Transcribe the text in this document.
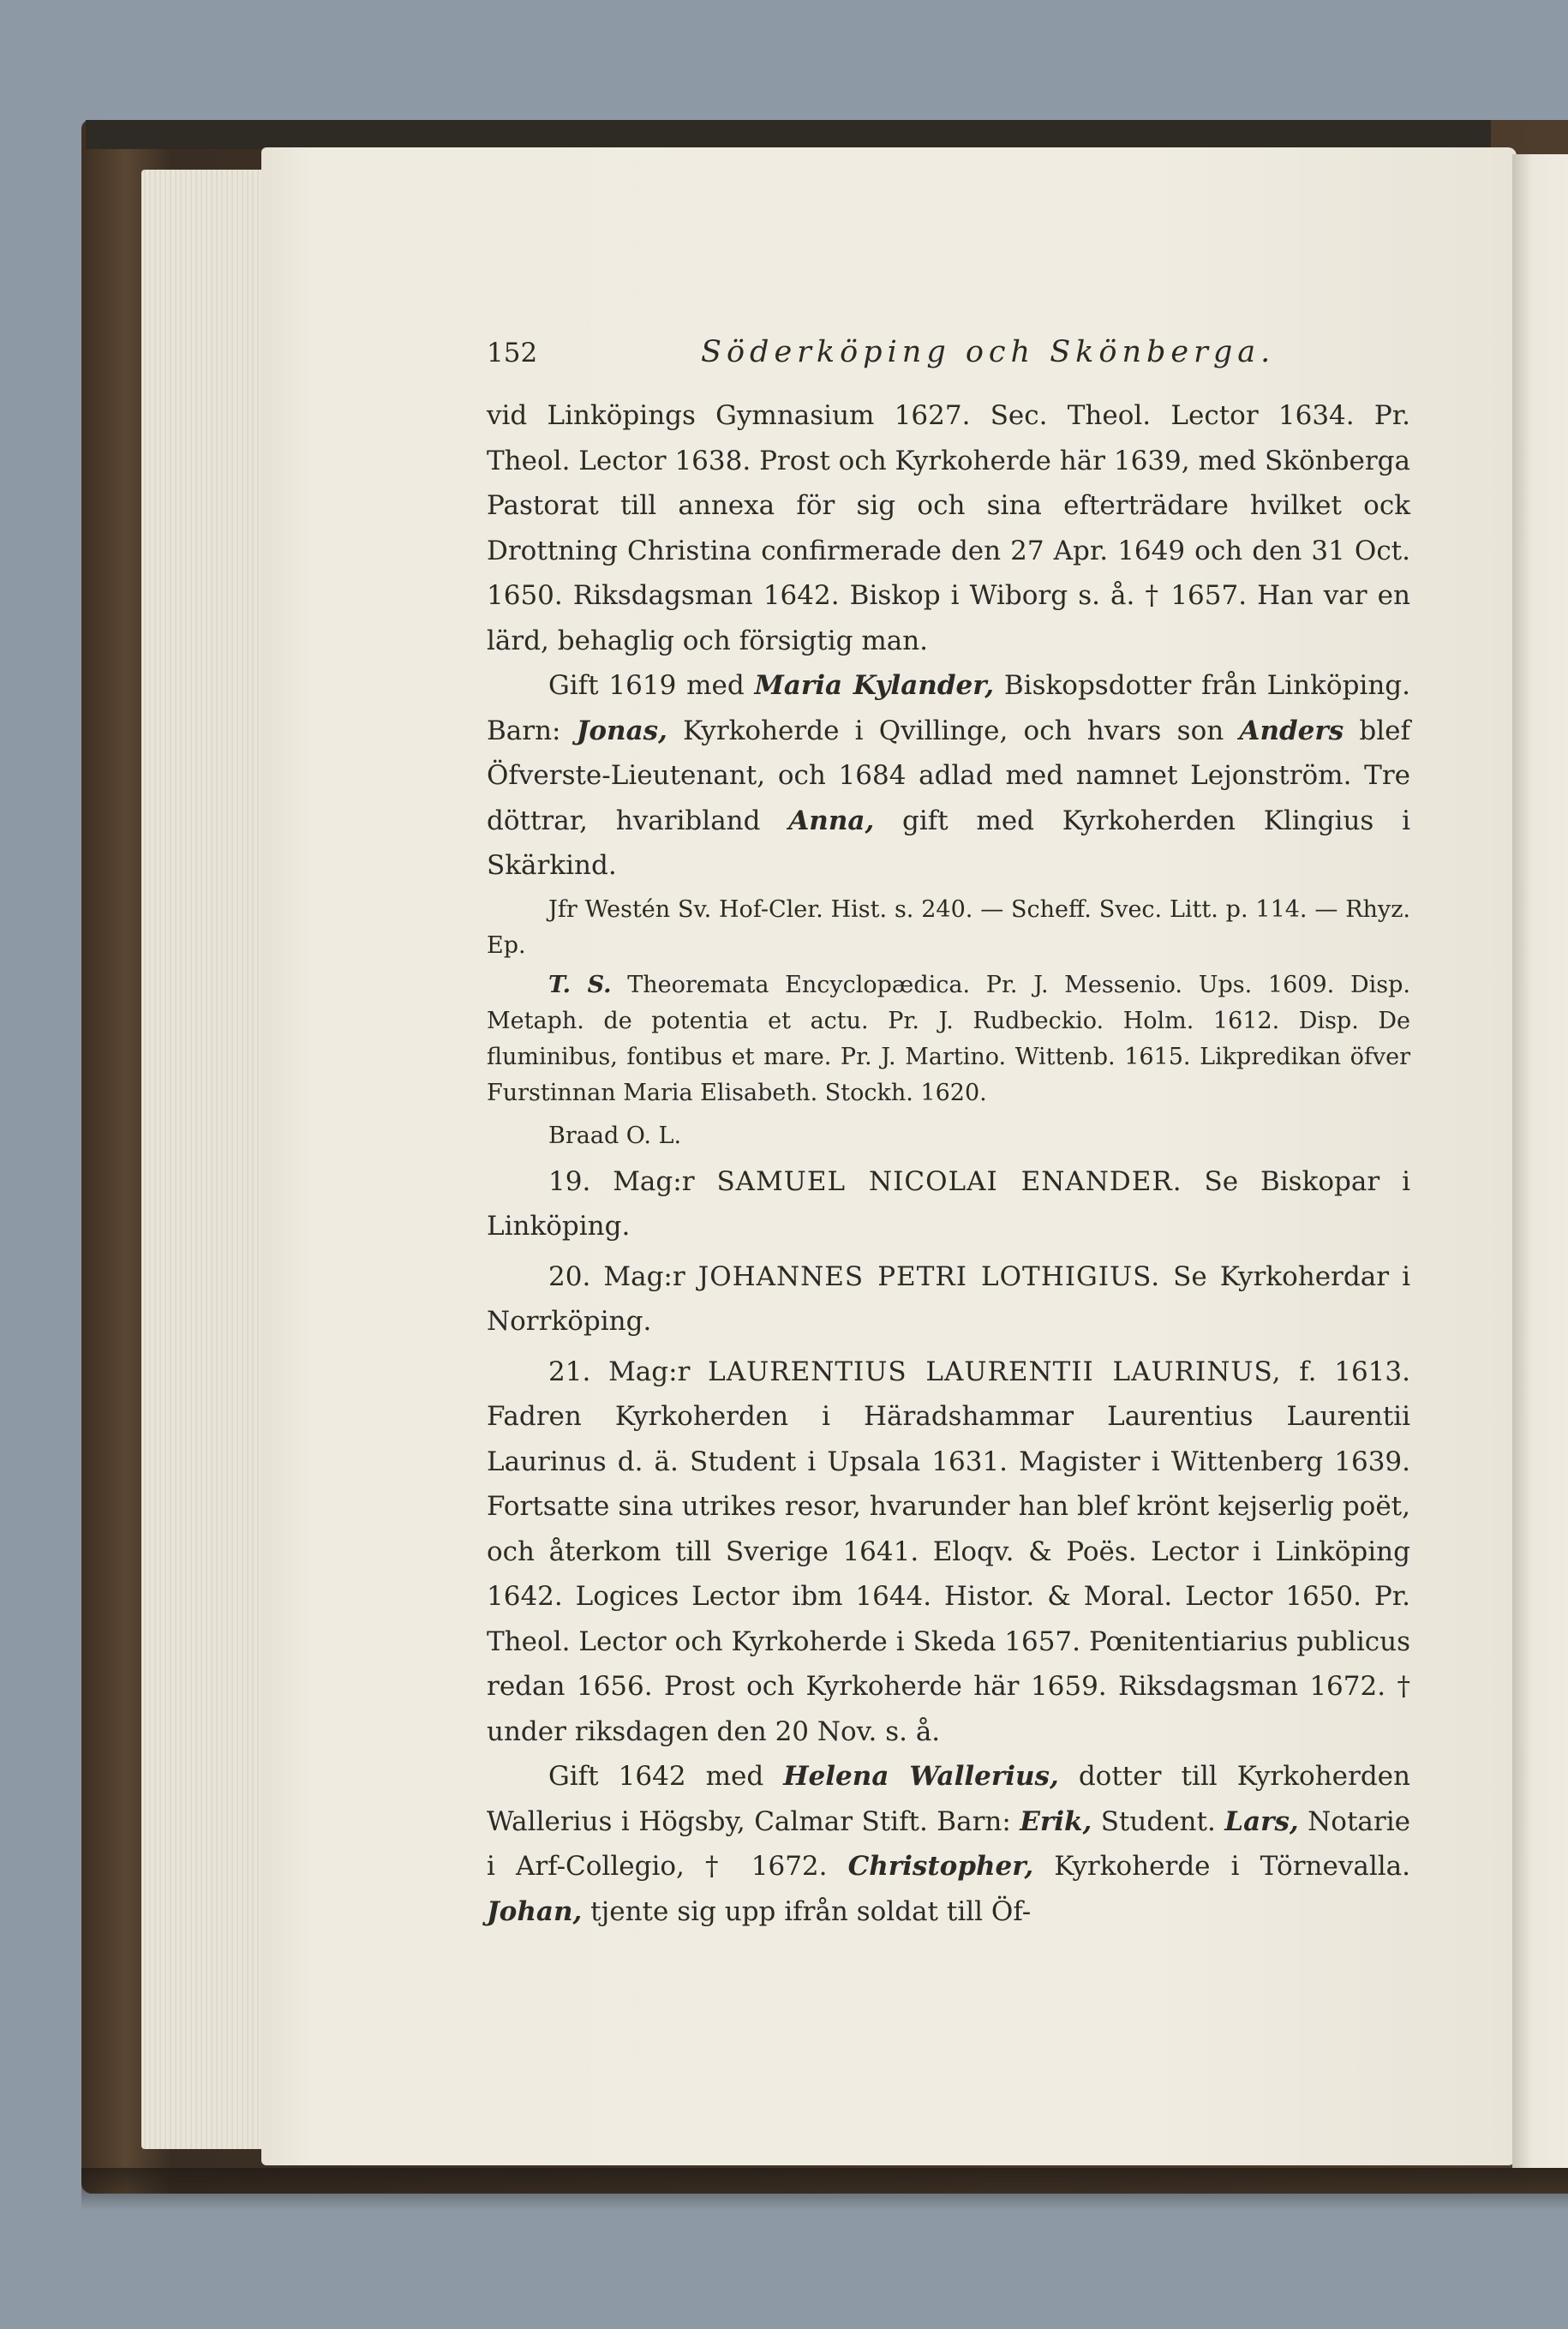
152	Söderköping och Skönberga.

vid Linköpings Gymnasium 1627. Sec. Theol. Lector 1634. Pr. Theol. Lector 1638. Prost och Kyrkoherde här 1639, med Skönberga Pastorat till annexa för sig och sina efterträdare hvilket ock Drottning Christina confirmerade den 27 Apr. 1649 och den 31 Oct. 1650. Riksdagsman 1642. Biskop i Wiborg s. å. † 1657. Han var en lärd, behaglig och försigtig man.

Gift 1619 med Maria Kylander, Biskopsdotter från Linköping. Barn: Jonas, Kyrkoherde i Qvillinge, och hvars son Anders blef Öfverste-Lieutenant, och 1684 adlad med namnet Lejonström. Tre döttrar, hvaribland Anna, gift med Kyrkoherden Klingius i Skärkind.

Jfr Westén Sv. Hof-Cler. Hist. s. 240. — Scheff. Svec. Litt. p. 114. — Rhyz. Ep.

T. S. Theoremata Encyclopædica. Pr. J. Messenio. Ups. 1609. Disp. Metaph. de potentia et actu. Pr. J. Rudbeckio. Holm. 1612. Disp. De fluminibus, fontibus et mare. Pr. J. Martino. Wittenb. 1615. Likpredikan öfver Furstinnan Maria Elisabeth. Stockh. 1620.

Braad O. L.

19. Mag:r SAMUEL NICOLAI ENANDER. Se Biskopar i Linköping.

20. Mag:r JOHANNES PETRI LOTHIGIUS. Se Kyrkoherdar i Norrköping.

21. Mag:r LAURENTIUS LAURENTII LAURINUS, f. 1613. Fadren Kyrkoherden i Häradshammar Laurentius Laurentii Laurinus d. ä. Student i Upsala 1631. Magister i Wittenberg 1639. Fortsatte sina utrikes resor, hvarunder han blef krönt kejserlig poët, och återkom till Sverige 1641. Eloqv. & Poës. Lector i Linköping 1642. Logices Lector ibm 1644. Histor. & Moral. Lector 1650. Pr. Theol. Lector och Kyrkoherde i Skeda 1657. Pœnitentiarius publicus redan 1656. Prost och Kyrkoherde här 1659. Riksdagsman 1672. † under riksdagen den 20 Nov. s. å.

Gift 1642 med Helena Wallerius, dotter till Kyrkoherden Wallerius i Högsby, Calmar Stift. Barn: Erik, Student. Lars, Notarie i Arf-Collegio, † 1672. Christopher, Kyrkoherde i Törnevalla. Johan, tjente sig upp ifrån soldat till Öf-
